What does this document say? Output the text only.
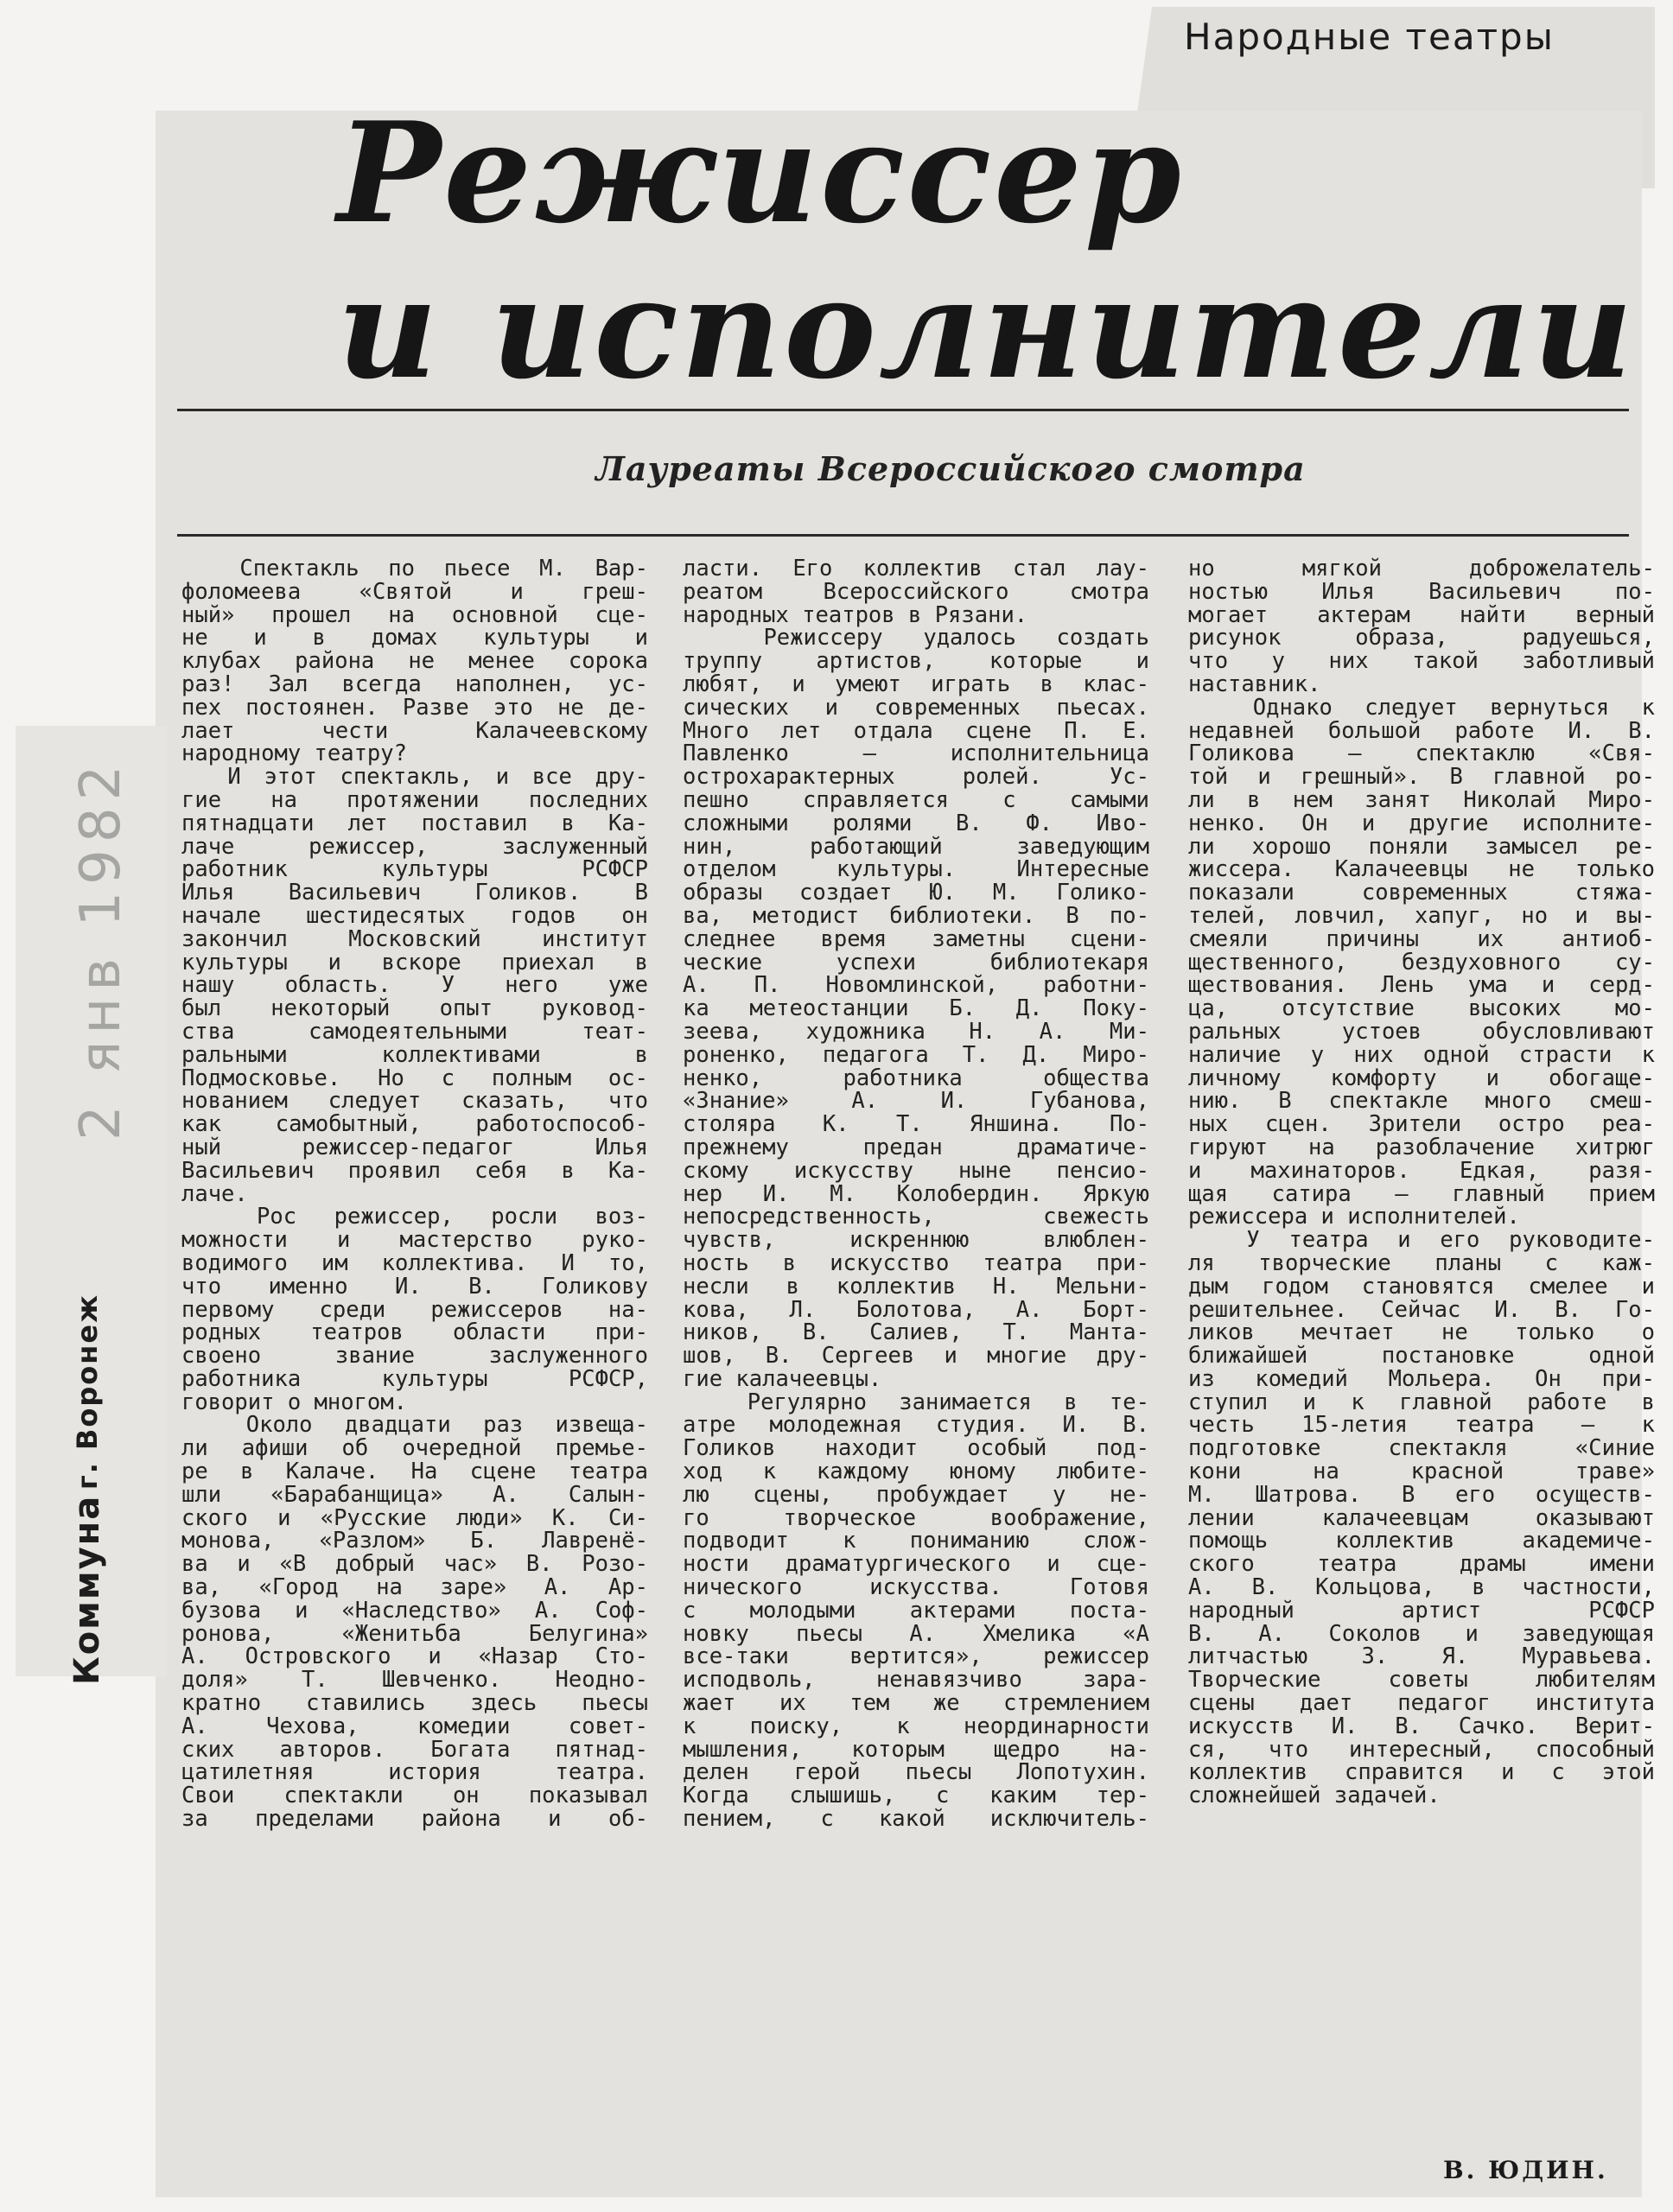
Народные театры
Режиссер
и исполнители
Лауреаты Всероссийского смотра
2 янв 1982
Коммуна г. Воронеж
Спектакль по пьесе М. Вар-
фоломеева «Святой и греш-
ный» прошел на основной сце-
не и в домах культуры и
клубах района не менее сорока
раз! Зал всегда наполнен, ус-
пех постоянен. Разве это не де-
лает чести Калачеевскому
народному театру?
И этот спектакль, и все дру-
гие на протяжении последних
пятнадцати лет поставил в Ка-
лаче режиссер, заслуженный
работник культуры РСФСР
Илья Васильевич Голиков. В
начале шестидесятых годов он
закончил Московский институт
культуры и вскоре приехал в
нашу область. У него уже
был некоторый опыт руковод-
ства самодеятельными теат-
ральными коллективами в
Подмосковье. Но с полным ос-
нованием следует сказать, что
как самобытный, работоспособ-
ный режиссер-педагог Илья
Васильевич проявил себя в Ка-
лаче.
Рос режиссер, росли воз-
можности и мастерство руко-
водимого им коллектива. И то,
что именно И. В. Голикову
первому среди режиссеров на-
родных театров области при-
своено звание заслуженного
работника культуры РСФСР,
говорит о многом.
Около двадцати раз извеща-
ли афиши об очередной премье-
ре в Калаче. На сцене театра
шли «Барабанщица» А. Салын-
ского и «Русские люди» К. Си-
монова, «Разлом» Б. Лавренё-
ва и «В добрый час» В. Розо-
ва, «Город на заре» А. Ар-
бузова и «Наследство» А. Соф-
ронова, «Женитьба Белугина»
А. Островского и «Назар Сто-
доля» Т. Шевченко. Неодно-
кратно ставились здесь пьесы
А. Чехова, комедии совет-
ских авторов. Богата пятнад-
цатилетняя история театра.
Свои спектакли он показывал
за пределами района и об-
ласти. Его коллектив стал лау-
реатом Всероссийского смотра
народных театров в Рязани.
Режиссеру удалось создать
труппу артистов, которые и
любят, и умеют играть в клас-
сических и современных пьесах.
Много лет отдала сцене П. Е.
Павленко — исполнительница
острохарактерных ролей. Ус-
пешно справляется с самыми
сложными ролями В. Ф. Иво-
нин, работающий заведующим
отделом культуры. Интересные
образы создает Ю. М. Голико-
ва, методист библиотеки. В по-
следнее время заметны сцени-
ческие успехи библиотекаря
А. П. Новомлинской, работни-
ка метеостанции Б. Д. Поку-
зеева, художника Н. А. Ми-
роненко, педагога Т. Д. Миро-
ненко, работника общества
«Знание» А. И. Губанова,
столяра К. Т. Яншина. По-
прежнему предан драматиче-
скому искусству ныне пенсио-
нер И. М. Колобердин. Яркую
непосредственность, свежесть
чувств, искреннюю влюблен-
ность в искусство театра при-
несли в коллектив Н. Мельни-
кова, Л. Болотова, А. Борт-
ников, В. Салиев, Т. Манта-
шов, В. Сергеев и многие дру-
гие калачеевцы.
Регулярно занимается в те-
атре молодежная студия. И. В.
Голиков находит особый под-
ход к каждому юному любите-
лю сцены, пробуждает у не-
го творческое воображение,
подводит к пониманию слож-
ности драматургического и сце-
нического искусства. Готовя
с молодыми актерами поста-
новку пьесы А. Хмелика «А
все-таки вертится», режиссер
исподволь, ненавязчиво зара-
жает их тем же стремлением
к поиску, к неординарности
мышления, которым щедро на-
делен герой пьесы Лопотухин.
Когда слышишь, с каким тер-
пением, с какой исключитель-
но мягкой доброжелатель-
ностью Илья Васильевич по-
могает актерам найти верный
рисунок образа, радуешься,
что у них такой заботливый
наставник.
Однако следует вернуться к
недавней большой работе И. В.
Голикова — спектаклю «Свя-
той и грешный». В главной ро-
ли в нем занят Николай Миро-
ненко. Он и другие исполните-
ли хорошо поняли замысел ре-
жиссера. Калачеевцы не только
показали современных стяжа-
телей, ловчил, хапуг, но и вы-
смеяли причины их антиоб-
щественного, бездуховного су-
ществования. Лень ума и серд-
ца, отсутствие высоких мо-
ральных устоев обусловливают
наличие у них одной страсти к
личному комфорту и обогаще-
нию. В спектакле много смеш-
ных сцен. Зрители остро реа-
гируют на разоблачение хитрюг
и махинаторов. Едкая, разя-
щая сатира — главный прием
режиссера и исполнителей.
У театра и его руководите-
ля творческие планы с каж-
дым годом становятся смелее и
решительнее. Сейчас И. В. Го-
ликов мечтает не только о
ближайшей постановке одной
из комедий Мольера. Он при-
ступил и к главной работе в
честь 15-летия театра — к
подготовке спектакля «Синие
кони на красной траве»
М. Шатрова. В его осуществ-
лении калачеевцам оказывают
помощь коллектив академиче-
ского театра драмы имени
А. В. Кольцова, в частности,
народный артист РСФСР
В. А. Соколов и заведующая
литчастью З. Я. Муравьева.
Творческие советы любителям
сцены дает педагог института
искусств И. В. Сачко. Верит-
ся, что интересный, способный
коллектив справится и с этой
сложнейшей задачей.
В. ЮДИН.
